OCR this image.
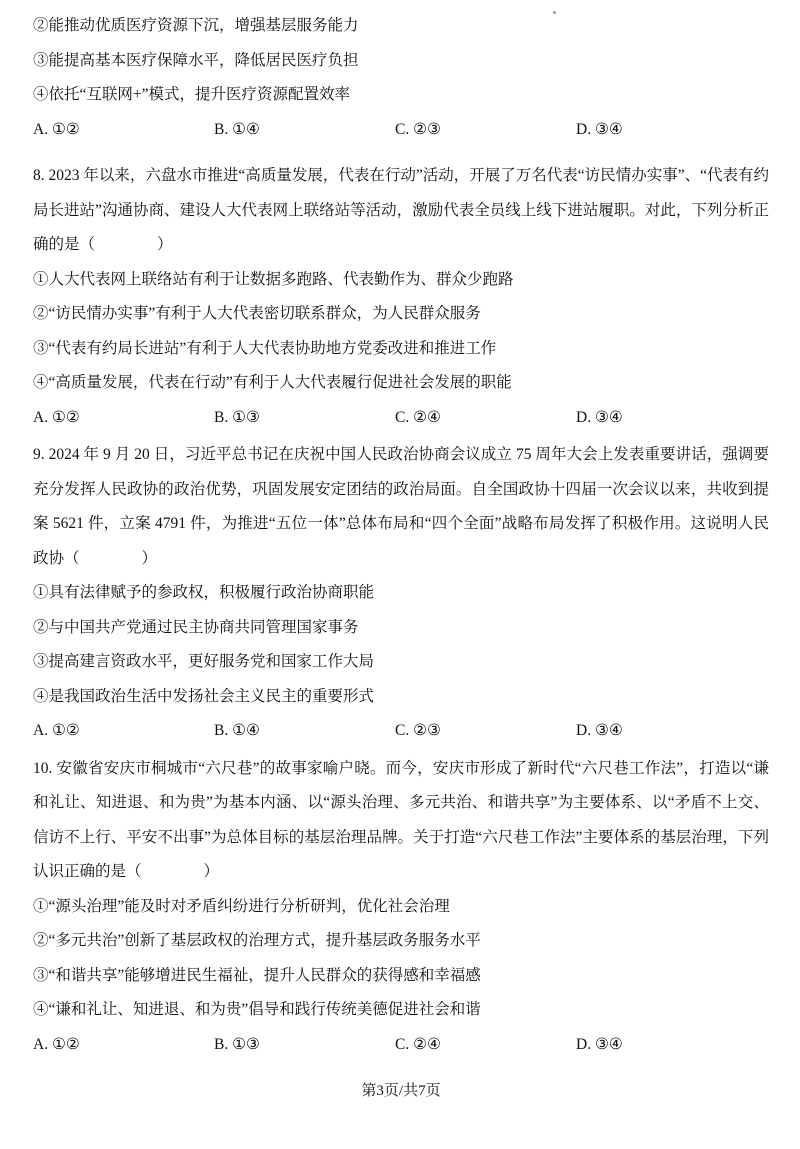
②能推动优质医疗资源下沉，增强基层服务能力

③能提高基本医疗保障水平，降低居民医疗负担

④依托“互联网+”模式，提升医疗资源配置效率

A. ①②	B. ①④	C. ②③	D. ③④

8. 2023 年以来，六盘水市推进“高质量发展，代表在行动”活动，开展了万名代表“访民情办实事”、“代表有约局长进站”沟通协商、建设人大代表网上联络站等活动，激励代表全员线上线下进站履职。对此，下列分析正确的是（　　　　）

①人大代表网上联络站有利于让数据多跑路、代表勤作为、群众少跑路

②“访民情办实事”有利于人大代表密切联系群众，为人民群众服务

③“代表有约局长进站”有利于人大代表协助地方党委改进和推进工作

④“高质量发展，代表在行动”有利于人大代表履行促进社会发展的职能

A. ①②	B. ①③	C. ②④	D. ③④

9. 2024 年 9 月 20 日，习近平总书记在庆祝中国人民政治协商会议成立 75 周年大会上发表重要讲话，强调要充分发挥人民政协的政治优势，巩固发展安定团结的政治局面。自全国政协十四届一次会议以来，共收到提案 5621 件，立案 4791 件，为推进“五位一体”总体布局和“四个全面”战略布局发挥了积极作用。这说明人民政协（　　　　）

①具有法律赋予的参政权，积极履行政治协商职能

②与中国共产党通过民主协商共同管理国家事务

③提高建言资政水平，更好服务党和国家工作大局

④是我国政治生活中发扬社会主义民主的重要形式

A. ①②	B. ①④	C. ②③	D. ③④

10. 安徽省安庆市桐城市“六尺巷”的故事家喻户晓。而今，安庆市形成了新时代“六尺巷工作法”，打造以“谦和礼让、知进退、和为贵”为基本内涵、以“源头治理、多元共治、和谐共享”为主要体系、以“矛盾不上交、信访不上行、平安不出事”为总体目标的基层治理品牌。关于打造“六尺巷工作法”主要体系的基层治理，下列认识正确的是（　　　　）

①“源头治理”能及时对矛盾纠纷进行分析研判，优化社会治理

②“多元共治”创新了基层政权的治理方式，提升基层政务服务水平

③“和谐共享”能够增进民生福祉，提升人民群众的获得感和幸福感

④“谦和礼让、知进退、和为贵”倡导和践行传统美德促进社会和谐

A. ①②	B. ①③	C. ②④	D. ③④

第3页/共7页
